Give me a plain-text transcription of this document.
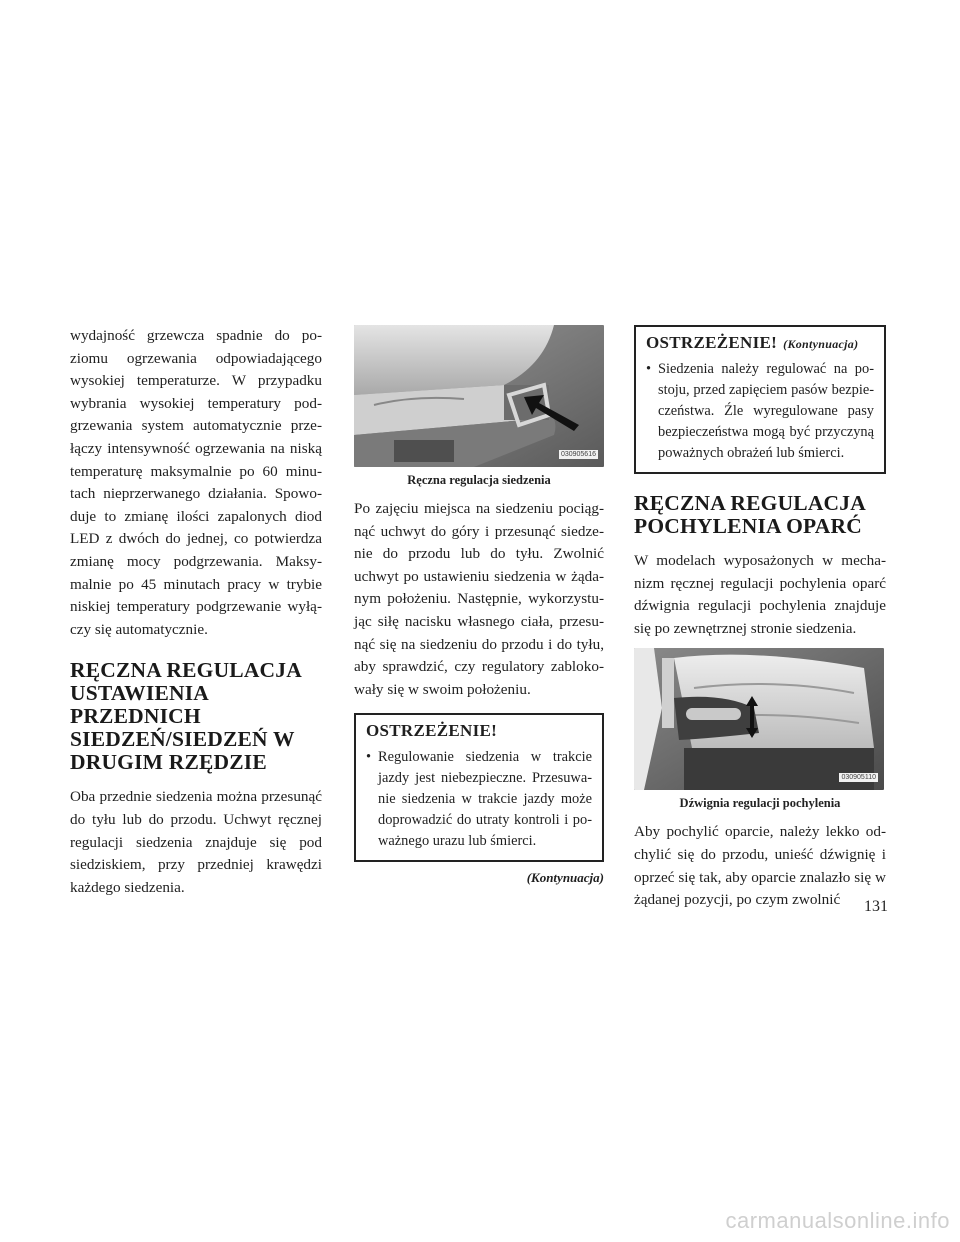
wydajność grzewcza spadnie do poziomu ogrzewania odpowiadającego wysokiej temperaturze. W przypadku wybrania wysokiej temperatury podgrzewania system automatycznie przełączy intensywność ogrzewania na niską temperaturę maksymalnie po 60 minutach nieprzerwanego działania. Spowoduje to zmianę ilości zapalonych diod LED z dwóch do jednej, co potwierdza zmianę mocy podgrzewania. Maksymalnie po 45 minutach pracy w trybie niskiej temperatury podgrzewanie wyłączy się automatycznie.

RĘCZNA REGULACJA USTAWIENIA PRZEDNICH SIEDZEŃ/SIEDZEŃ W DRUGIM RZĘDZIE

Oba przednie siedzenia można przesunąć do tyłu lub do przodu. Uchwyt ręcznej regulacji siedzenia znajduje się pod siedziskiem, przy przedniej krawędzi każdego siedzenia.

030905616
Ręczna regulacja siedzenia

Po zajęciu miejsca na siedzeniu pociągnąć uchwyt do góry i przesunąć siedzenie do przodu lub do tyłu. Zwolnić uchwyt po ustawieniu siedzenia w żądanym położeniu. Następnie, wykorzystując siłę nacisku własnego ciała, przesunąć się na siedzeniu do przodu i do tyłu, aby sprawdzić, czy regulatory zablokowały się w swoim położeniu.

OSTRZEŻENIE!
• Regulowanie siedzenia w trakcie jazdy jest niebezpieczne. Przesuwanie siedzenia w trakcie jazdy może doprowadzić do utraty kontroli i poważnego urazu lub śmierci.
(Kontynuacja)
OSTRZEŻENIE! (Kontynuacja)
• Siedzenia należy regulować na postoju, przed zapięciem pasów bezpieczeństwa. Źle wyregulowane pasy bezpieczeństwa mogą być przyczyną poważnych obrażeń lub śmierci.
RĘCZNA REGULACJA POCHYLENIA OPARĆ

W modelach wyposażonych w mechanizm ręcznej regulacji pochylenia oparć dźwignia regulacji pochylenia znajduje się po zewnętrznej stronie siedzenia.

030905110
Dźwignia regulacji pochylenia

Aby pochylić oparcie, należy lekko odchylić się do przodu, unieść dźwignię i oprzeć się tak, aby oparcie znalazło się w żądanej pozycji, po czym zwolnić	131
carmanualsonline.info
